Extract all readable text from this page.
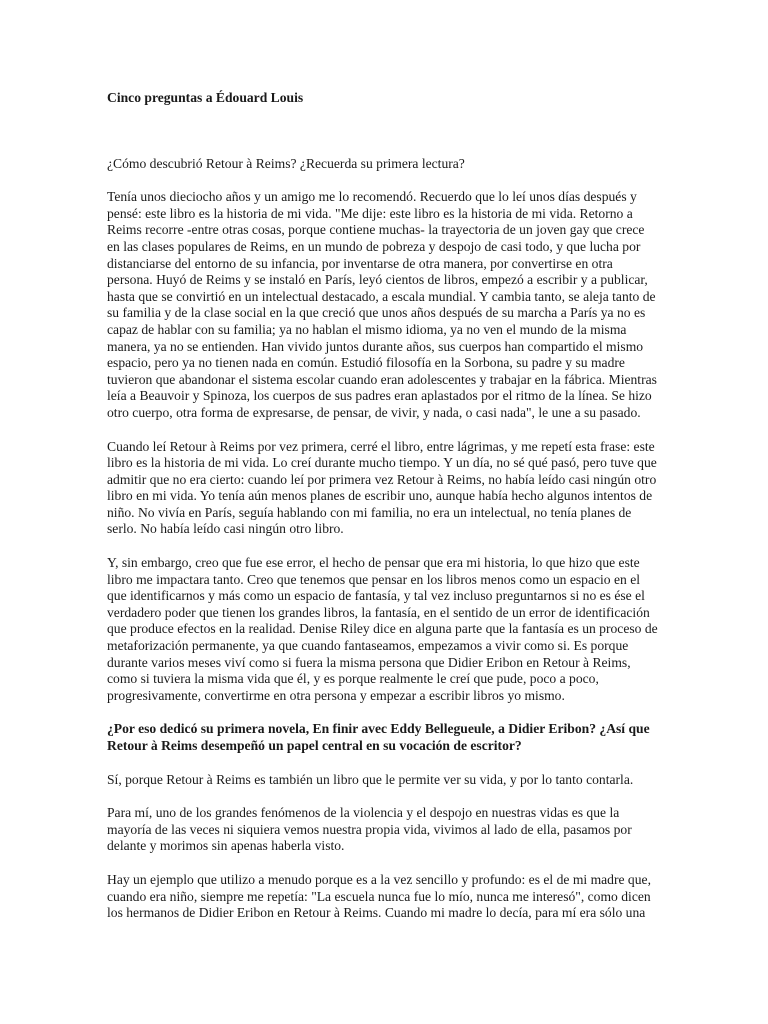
Cinco preguntas a Édouard Louis
¿Cómo descubrió Retour à Reims? ¿Recuerda su primera lectura?

Tenía unos dieciocho años y un amigo me lo recomendó. Recuerdo que lo leí unos días después y pensé: este libro es la historia de mi vida. "Me dije: este libro es la historia de mi vida. Retorno a Reims recorre -entre otras cosas, porque contiene muchas- la trayectoria de un joven gay que crece en las clases populares de Reims, en un mundo de pobreza y despojo de casi todo, y que lucha por distanciarse del entorno de su infancia, por inventarse de otra manera, por convertirse en otra persona. Huyó de Reims y se instaló en París, leyó cientos de libros, empezó a escribir y a publicar, hasta que se convirtió en un intelectual destacado, a escala mundial. Y cambia tanto, se aleja tanto de su familia y de la clase social en la que creció que unos años después de su marcha a París ya no es capaz de hablar con su familia; ya no hablan el mismo idioma, ya no ven el mundo de la misma manera, ya no se entienden. Han vivido juntos durante años, sus cuerpos han compartido el mismo espacio, pero ya no tienen nada en común. Estudió filosofía en la Sorbona, su padre y su madre tuvieron que abandonar el sistema escolar cuando eran adolescentes y trabajar en la fábrica. Mientras leía a Beauvoir y Spinoza, los cuerpos de sus padres eran aplastados por el ritmo de la línea. Se hizo otro cuerpo, otra forma de expresarse, de pensar, de vivir, y nada, o casi nada", le une a su pasado.

Cuando leí Retour à Reims por vez primera, cerré el libro, entre lágrimas, y me repetí esta frase: este libro es la historia de mi vida. Lo creí durante mucho tiempo. Y un día, no sé qué pasó, pero tuve que admitir que no era cierto: cuando leí por primera vez Retour à Reims, no había leído casi ningún otro libro en mi vida. Yo tenía aún menos planes de escribir uno, aunque había hecho algunos intentos de niño. No vivía en París, seguía hablando con mi familia, no era un intelectual, no tenía planes de serlo. No había leído casi ningún otro libro.

Y, sin embargo, creo que fue ese error, el hecho de pensar que era mi historia, lo que hizo que este libro me impactara tanto. Creo que tenemos que pensar en los libros menos como un espacio en el que identificarnos y más como un espacio de fantasía, y tal vez incluso preguntarnos si no es ése el verdadero poder que tienen los grandes libros, la fantasía, en el sentido de un error de identificación que produce efectos en la realidad. Denise Riley dice en alguna parte que la fantasía es un proceso de metaforización permanente, ya que cuando fantaseamos, empezamos a vivir como si. Es porque durante varios meses viví como si fuera la misma persona que Didier Eribon en Retour à Reims, como si tuviera la misma vida que él, y es porque realmente le creí que pude, poco a poco, progresivamente, convertirme en otra persona y empezar a escribir libros yo mismo.

¿Por eso dedicó su primera novela, En finir avec Eddy Bellegueule, a Didier Eribon? ¿Así que Retour à Reims desempeñó un papel central en su vocación de escritor?

Sí, porque Retour à Reims es también un libro que le permite ver su vida, y por lo tanto contarla.

Para mí, uno de los grandes fenómenos de la violencia y el despojo en nuestras vidas es que la mayoría de las veces ni siquiera vemos nuestra propia vida, vivimos al lado de ella, pasamos por delante y morimos sin apenas haberla visto.

Hay un ejemplo que utilizo a menudo porque es a la vez sencillo y profundo: es el de mi madre que, cuando era niño, siempre me repetía: "La escuela nunca fue lo mío, nunca me interesó", como dicen los hermanos de Didier Eribon en Retour à Reims. Cuando mi madre lo decía, para mí era sólo una
